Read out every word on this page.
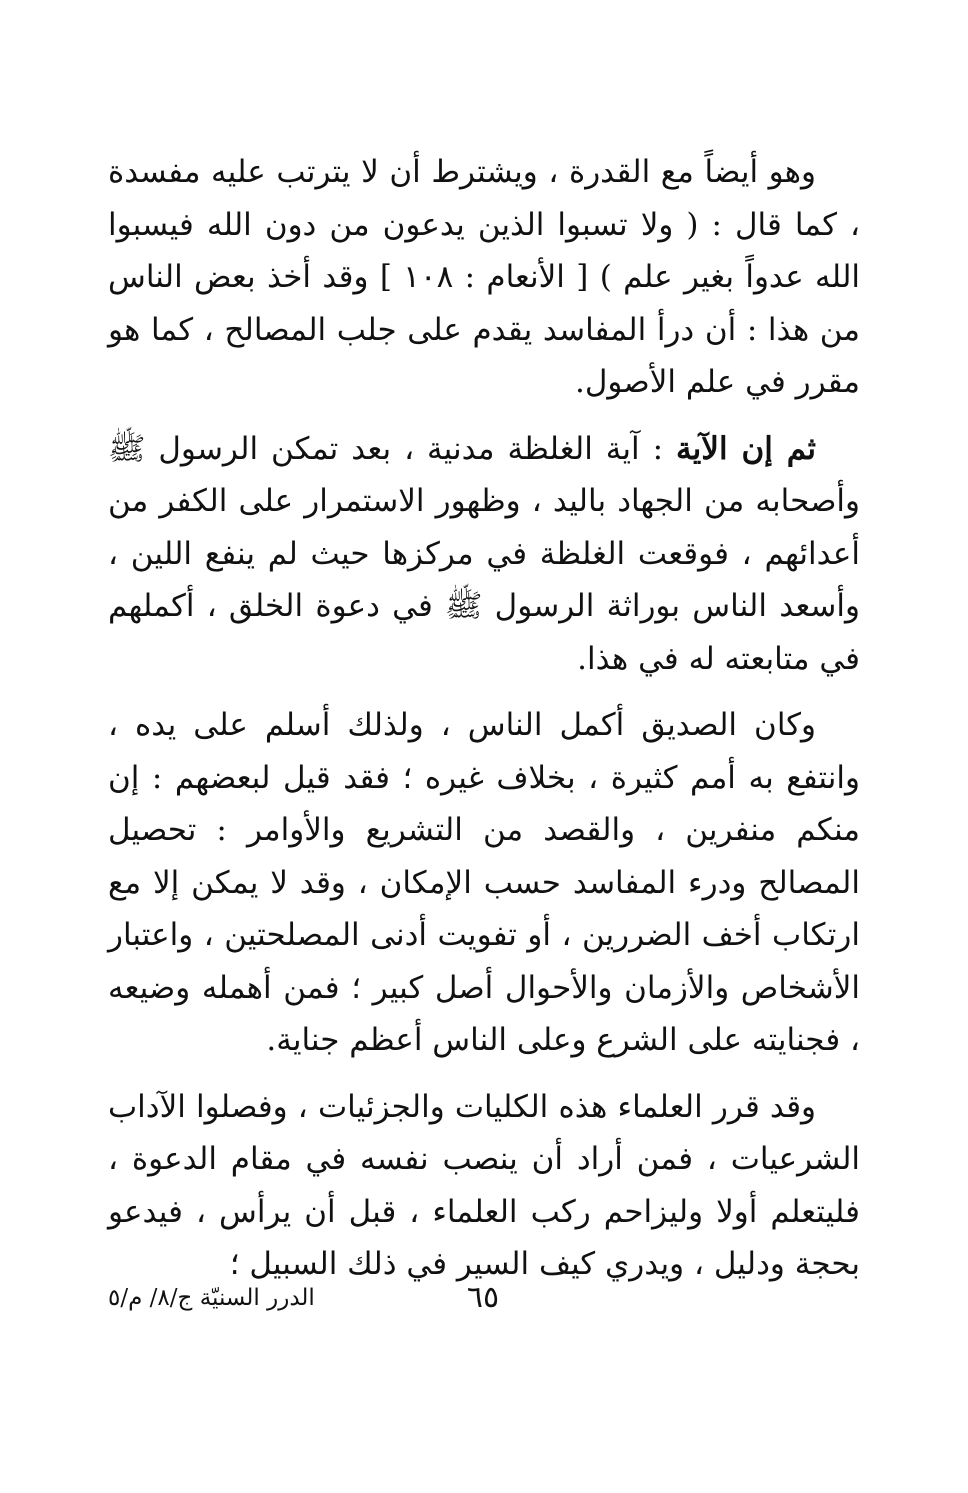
وهو أيضاً مع القدرة ، ويشترط أن لا يترتب عليه مفسدة ، كما قال : ( ولا تسبوا الذين يدعون من دون الله فيسبوا الله عدواً بغير علم ) [ الأنعام : ١٠٨ ] وقد أخذ بعض الناس من هذا : أن درأ المفاسد يقدم على جلب المصالح ، كما هو مقرر في علم الأصول.

ثم إن الآية : آية الغلظة مدنية ، بعد تمكن الرسول ﷺ وأصحابه من الجهاد باليد ، وظهور الاستمرار على الكفر من أعدائهم ، فوقعت الغلظة في مركزها حيث لم ينفع اللين ، وأسعد الناس بوراثة الرسول ﷺ في دعوة الخلق ، أكملهم في متابعته له في هذا.

وكان الصديق أكمل الناس ، ولذلك أسلم على يده ، وانتفع به أمم كثيرة ، بخلاف غيره ؛ فقد قيل لبعضهم : إن منكم منفرين ، والقصد من التشريع والأوامر : تحصيل المصالح ودرء المفاسد حسب الإمكان ، وقد لا يمكن إلا مع ارتكاب أخف الضررين ، أو تفويت أدنى المصلحتين ، واعتبار الأشخاص والأزمان والأحوال أصل كبير ؛ فمن أهمله وضيعه ، فجنايته على الشرع وعلى الناس أعظم جناية.

وقد قرر العلماء هذه الكليات والجزئيات ، وفصلوا الآداب الشرعيات ، فمن أراد أن ينصب نفسه في مقام الدعوة ، فليتعلم أولا وليزاحم ركب العلماء ، قبل أن يرأس ، فيدعو بحجة ودليل ، ويدري كيف السير في ذلك السبيل ؛

٦٥
الدرر السنيّة ج/٨/ م/٥
